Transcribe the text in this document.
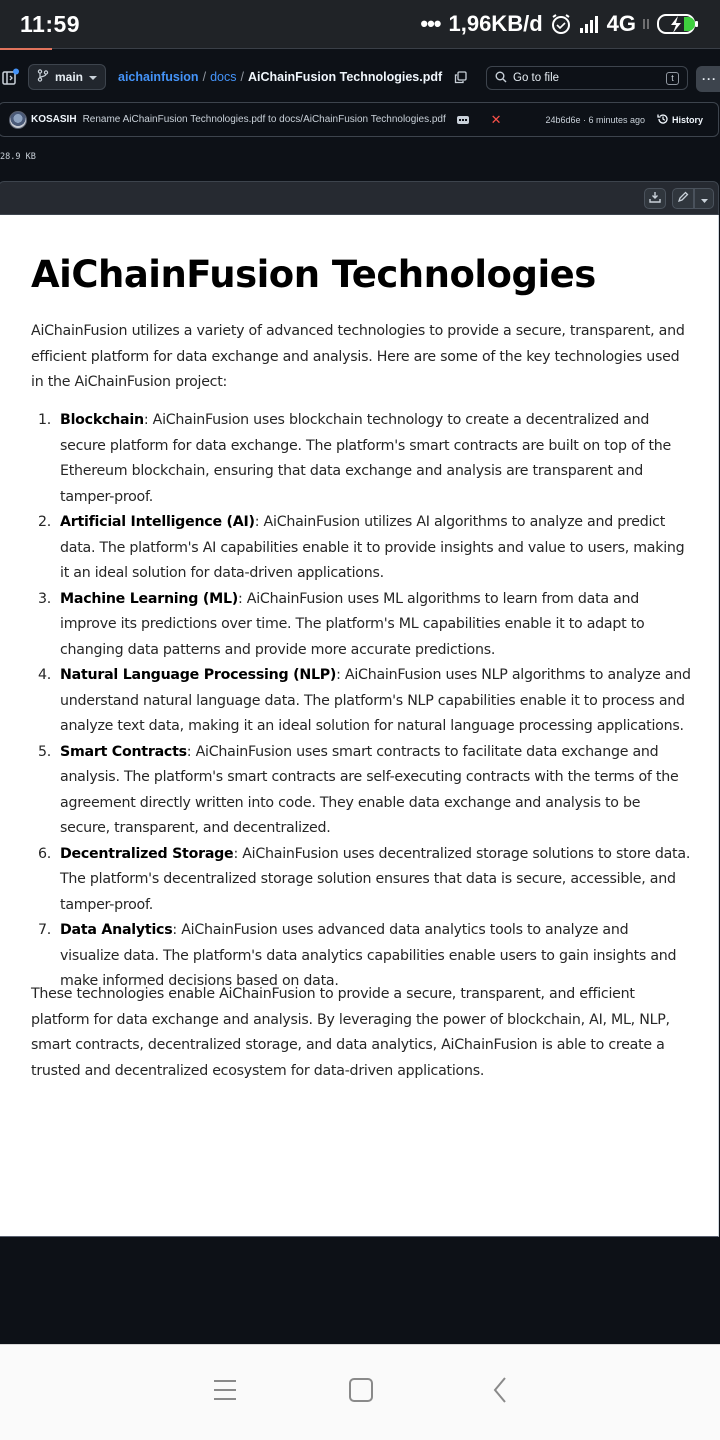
11:59	••• 1,96KB/d	4G
main	aichainfusion / docs / AiChainFusion Technologies.pdf	Go to file	t	···
KOSASIH Rename AiChainFusion Technologies.pdf to docs/AiChainFusion Technologies.pdf	✕	24b6d6e · 6 minutes ago	History
28.9 KB
AiChainFusion Technologies

AiChainFusion utilizes a variety of advanced technologies to provide a secure, transparent, and efficient platform for data exchange and analysis. Here are some of the key technologies used in the AiChainFusion project:

1. Blockchain: AiChainFusion uses blockchain technology to create a decentralized and secure platform for data exchange. The platform's smart contracts are built on top of the Ethereum blockchain, ensuring that data exchange and analysis are transparent and tamper-proof.
2. Artificial Intelligence (AI): AiChainFusion utilizes AI algorithms to analyze and predict data. The platform's AI capabilities enable it to provide insights and value to users, making it an ideal solution for data-driven applications.
3. Machine Learning (ML): AiChainFusion uses ML algorithms to learn from data and improve its predictions over time. The platform's ML capabilities enable it to adapt to changing data patterns and provide more accurate predictions.
4. Natural Language Processing (NLP): AiChainFusion uses NLP algorithms to analyze and understand natural language data. The platform's NLP capabilities enable it to process and analyze text data, making it an ideal solution for natural language processing applications.
5. Smart Contracts: AiChainFusion uses smart contracts to facilitate data exchange and analysis. The platform's smart contracts are self-executing contracts with the terms of the agreement directly written into code. They enable data exchange and analysis to be secure, transparent, and decentralized.
6. Decentralized Storage: AiChainFusion uses decentralized storage solutions to store data. The platform's decentralized storage solution ensures that data is secure, accessible, and tamper-proof.
7. Data Analytics: AiChainFusion uses advanced data analytics tools to analyze and visualize data. The platform's data analytics capabilities enable users to gain insights and make informed decisions based on data.

These technologies enable AiChainFusion to provide a secure, transparent, and efficient platform for data exchange and analysis. By leveraging the power of blockchain, AI, ML, NLP, smart contracts, decentralized storage, and data analytics, AiChainFusion is able to create a trusted and decentralized ecosystem for data-driven applications.
